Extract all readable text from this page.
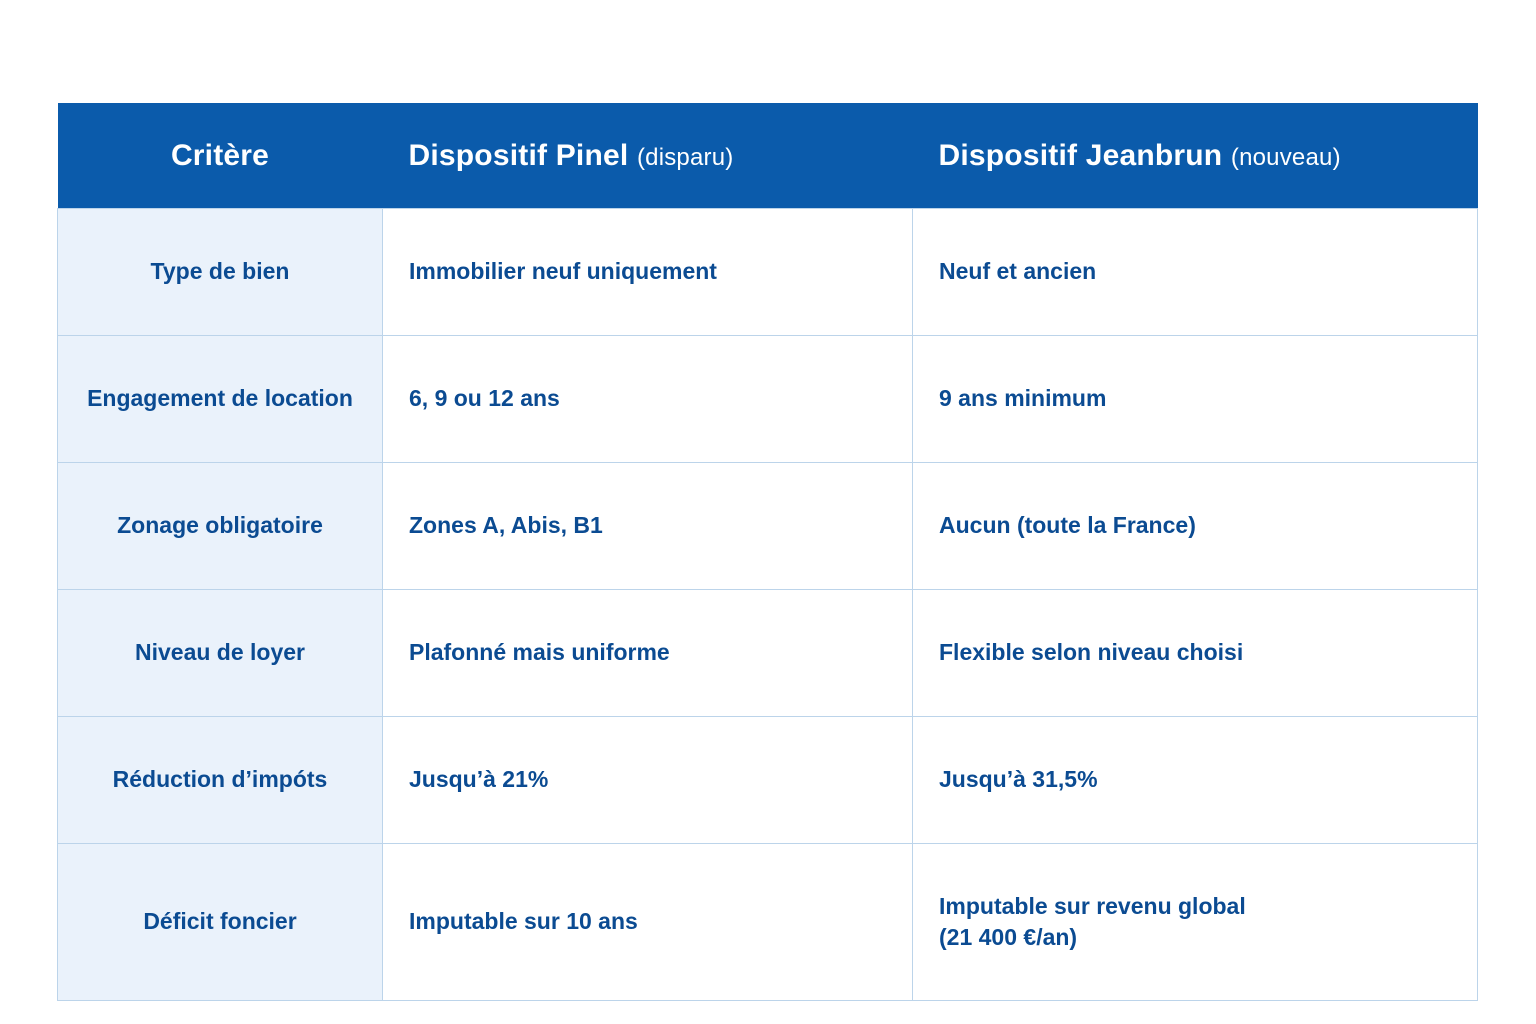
Critère	Dispositif Pinel (disparu)	Dispositif Jeanbrun (nouveau)
Type de bien	Immobilier neuf uniquement	Neuf et ancien
Engagement de location	6, 9 ou 12 ans	9 ans minimum
Zonage obligatoire	Zones A, Abis, B1	Aucun (toute la France)
Niveau de loyer	Plafonné mais uniforme	Flexible selon niveau choisi
Réduction d’impóts	Jusqu’à 21%	Jusqu’à 31,5%
Déficit foncier	Imputable sur 10 ans	Imputable sur revenu global
(21 400 €/an)
